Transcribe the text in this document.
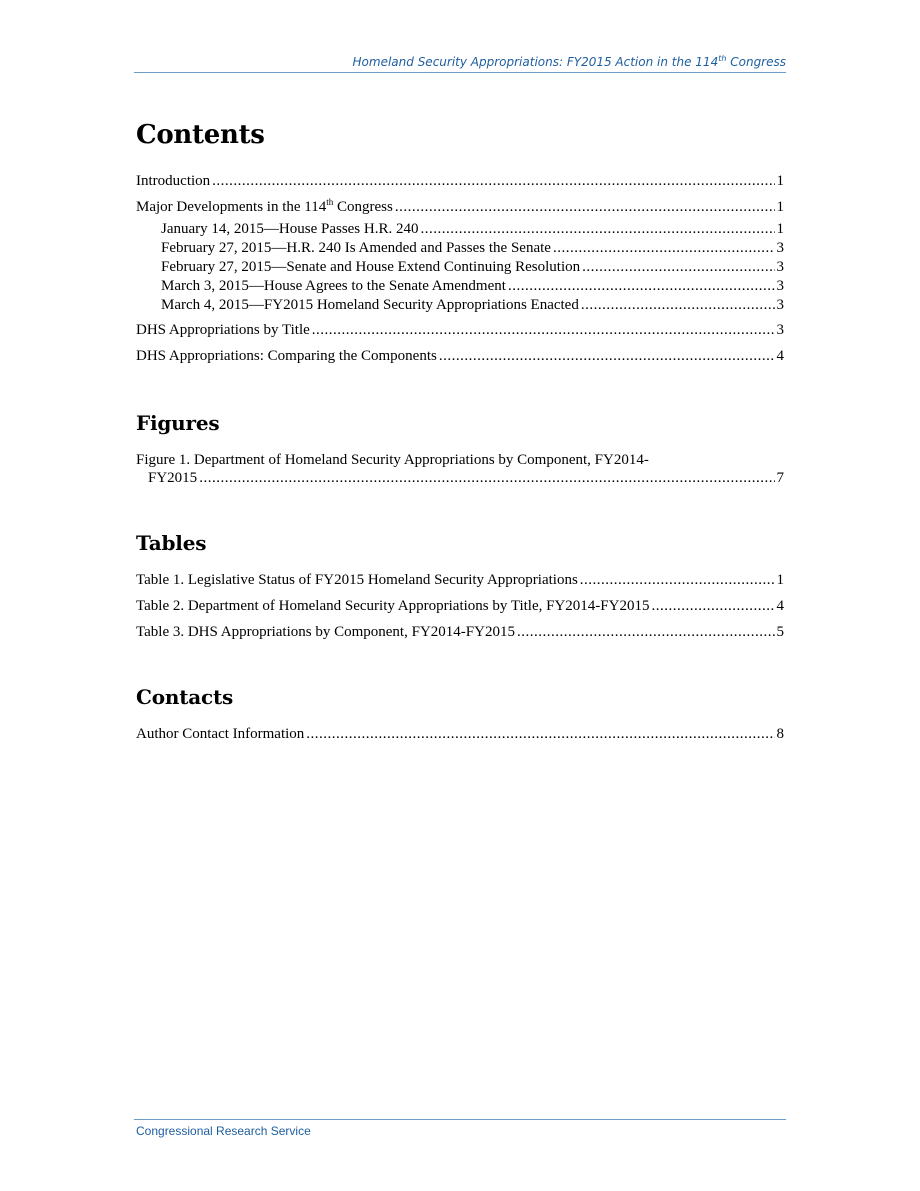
Homeland Security Appropriations: FY2015 Action in the 114th Congress
Contents
Introduction .....	1
Major Developments in the 114th Congress .....	1
January 14, 2015—House Passes H.R. 240 .....	1
February 27, 2015—H.R. 240 Is Amended and Passes the Senate .....	3
February 27, 2015—Senate and House Extend Continuing Resolution .....	3
March 3, 2015—House Agrees to the Senate Amendment .....	3
March 4, 2015—FY2015 Homeland Security Appropriations Enacted .....	3
DHS Appropriations by Title .....	3
DHS Appropriations: Comparing the Components .....	4
Figures
Figure 1. Department of Homeland Security Appropriations by Component, FY2014-
FY2015 .....	7
Tables
Table 1. Legislative Status of FY2015 Homeland Security Appropriations .....	1
Table 2. Department of Homeland Security Appropriations by Title, FY2014-FY2015 .....	4
Table 3. DHS Appropriations by Component, FY2014-FY2015 .....	5
Contacts
Author Contact Information .....	8
Congressional Research Service
